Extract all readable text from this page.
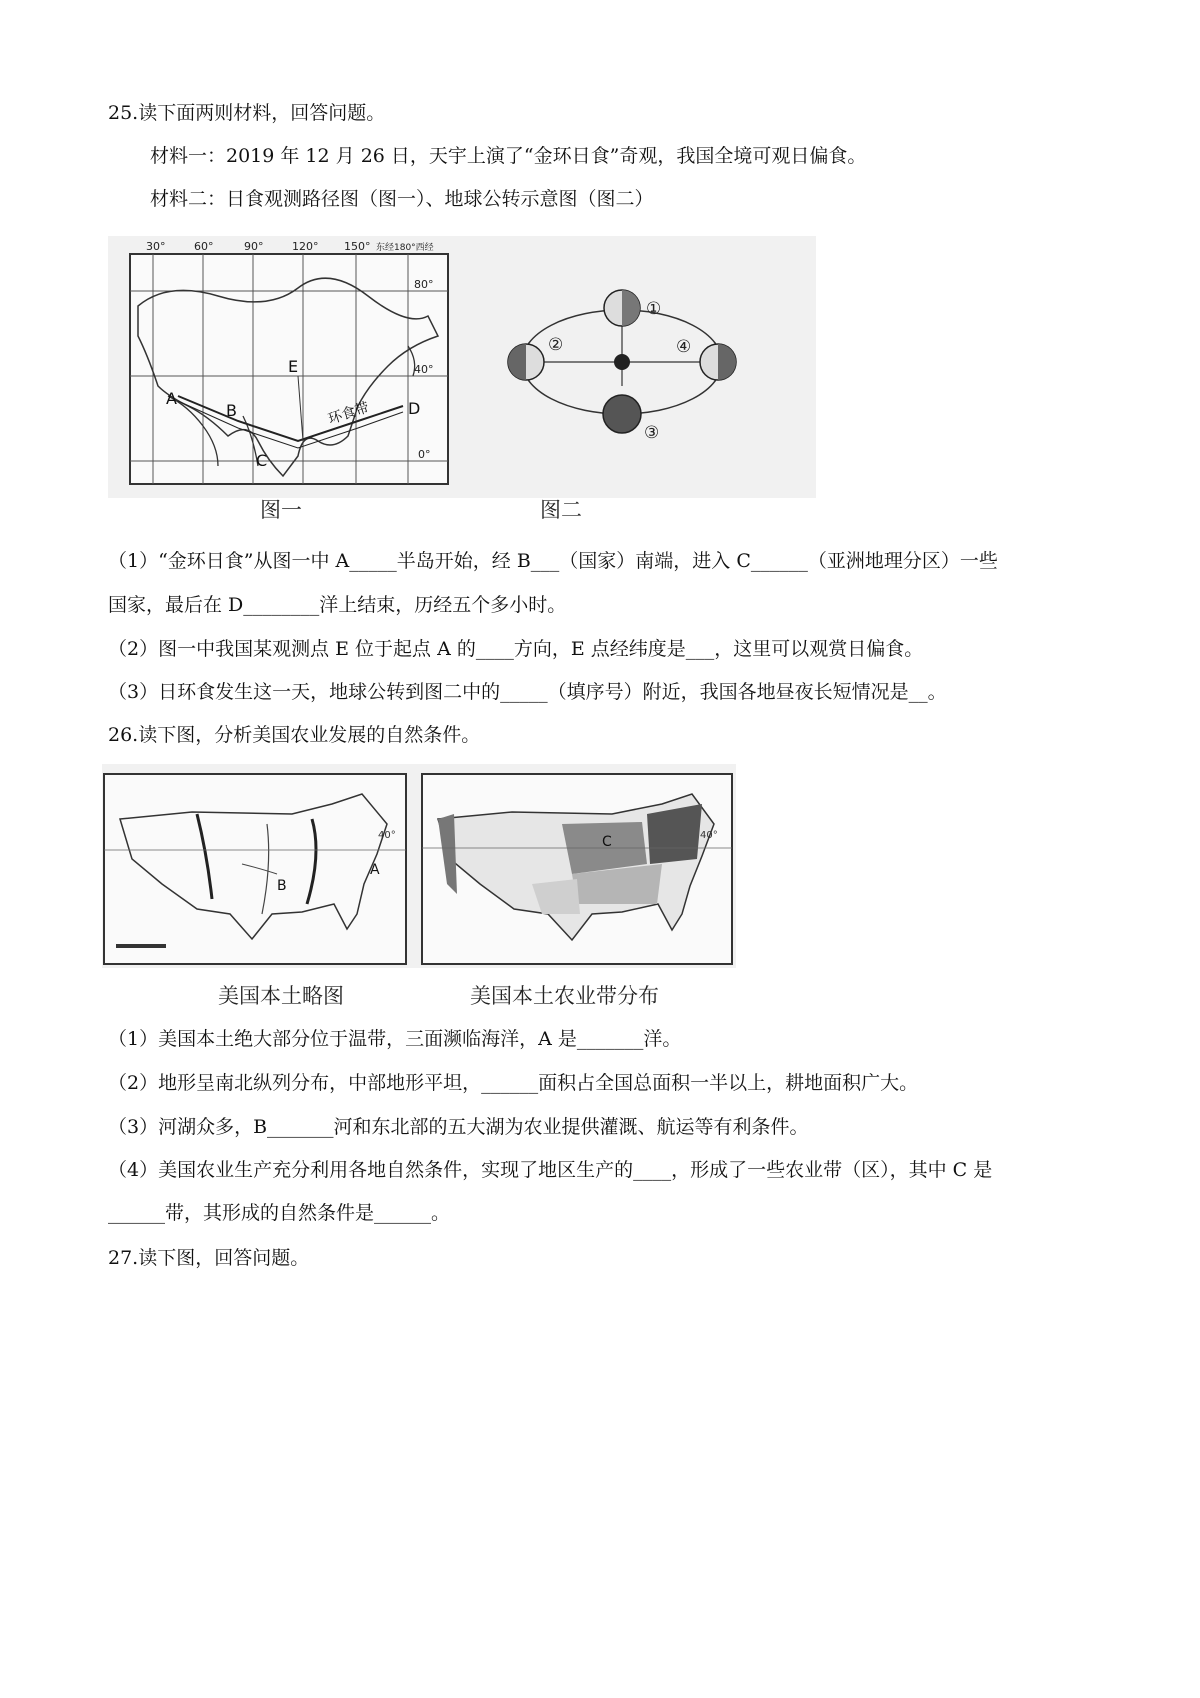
25.读下面两则材料，回答问题。
材料一：2019 年 12 月 26 日，天宇上演了“金环日食”奇观，我国全境可观日偏食。
材料二：日食观测路径图（图一）、地球公转示意图（图二）
30°	60°	90°	120° 150° 东经180°西经
80°
40°
0°
A
B
C
D
E
环食带
①
②
③
④
图一	图二
（1）“金环日食”从图一中 A_____半岛开始，经 B___（国家）南端，进入 C______（亚洲地理分区）一些
国家，最后在 D________洋上结束，历经五个多小时。
（2）图一中我国某观测点 E 位于起点 A 的____方向，E 点经纬度是___，这里可以观赏日偏食。
（3）日环食发生这一天，地球公转到图二中的_____（填序号）附近，我国各地昼夜长短情况是__。
26.读下图，分析美国农业发展的自然条件。
A
B
40°	C	40°
美国本土略图	美国本土农业带分布
（1）美国本土绝大部分位于温带，三面濒临海洋，A 是_______洋。
（2）地形呈南北纵列分布，中部地形平坦，______面积占全国总面积一半以上，耕地面积广大。
（3）河湖众多，B_______河和东北部的五大湖为农业提供灌溉、航运等有利条件。
（4）美国农业生产充分利用各地自然条件，实现了地区生产的____，形成了一些农业带（区），其中 C 是
______带，其形成的自然条件是______。
27.读下图，回答问题。
